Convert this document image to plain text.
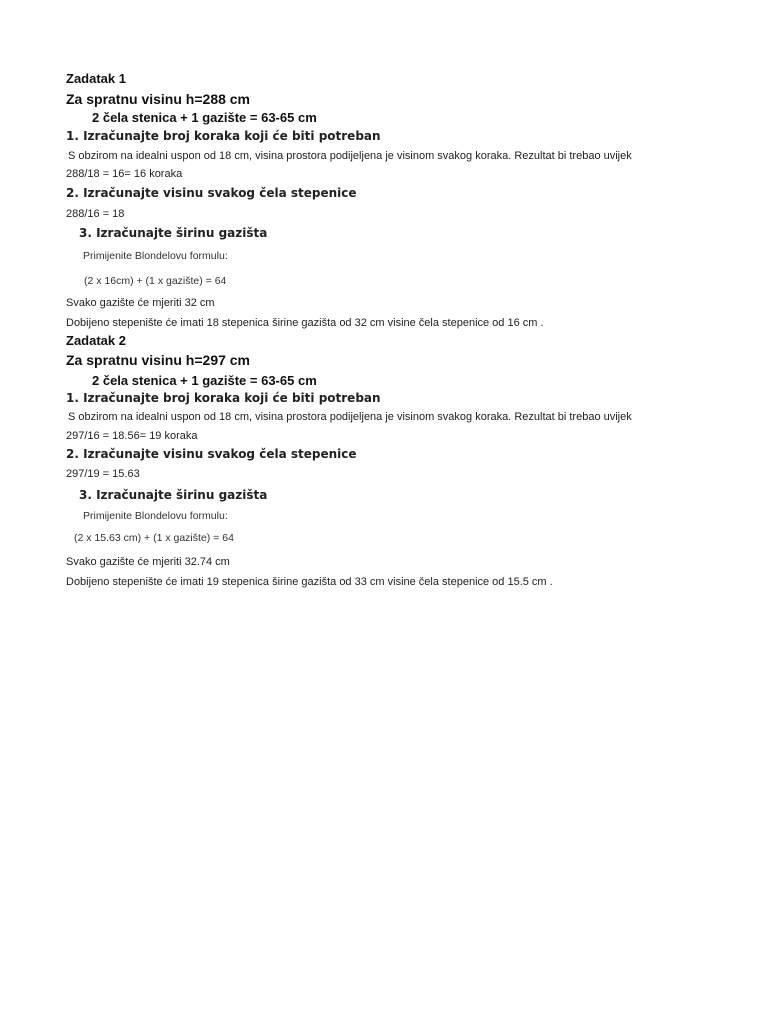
Zadatak 1
Za spratnu visinu h=288 cm
2 čela stenica + 1 gazište = 63-65 cm
1. Izračunajte broj koraka koji će biti potreban
S obzirom na idealni uspon od 18 cm, visina prostora podijeljena je visinom svakog koraka. Rezultat bi trebao uvijek
288/18 = 16= 16 koraka
2. Izračunajte visinu svakog čela stepenice
288/16 = 18
3. Izračunajte širinu gazišta
Primijenite Blondelovu formulu:
(2 x 16cm) + (1 x gazište) = 64
Svako gazište će mjeriti 32 cm
Dobijeno stepenište će imati 18 stepenica širine gazišta od 32 cm visine čela stepenice od 16 cm .
Zadatak 2
Za spratnu visinu h=297 cm
2 čela stenica + 1 gazište = 63-65 cm
1. Izračunajte broj koraka koji će biti potreban
S obzirom na idealni uspon od 18 cm, visina prostora podijeljena je visinom svakog koraka. Rezultat bi trebao uvijek
297/16 = 18.56= 19 koraka
2. Izračunajte visinu svakog čela stepenice
297/19 = 15.63
3. Izračunajte širinu gazišta
Primijenite Blondelovu formulu:
(2 x 15.63 cm) + (1 x gazište) = 64
Svako gazište će mjeriti 32.74 cm
Dobijeno stepenište će imati 19 stepenica širine gazišta od 33 cm visine čela stepenice od 15.5 cm .
